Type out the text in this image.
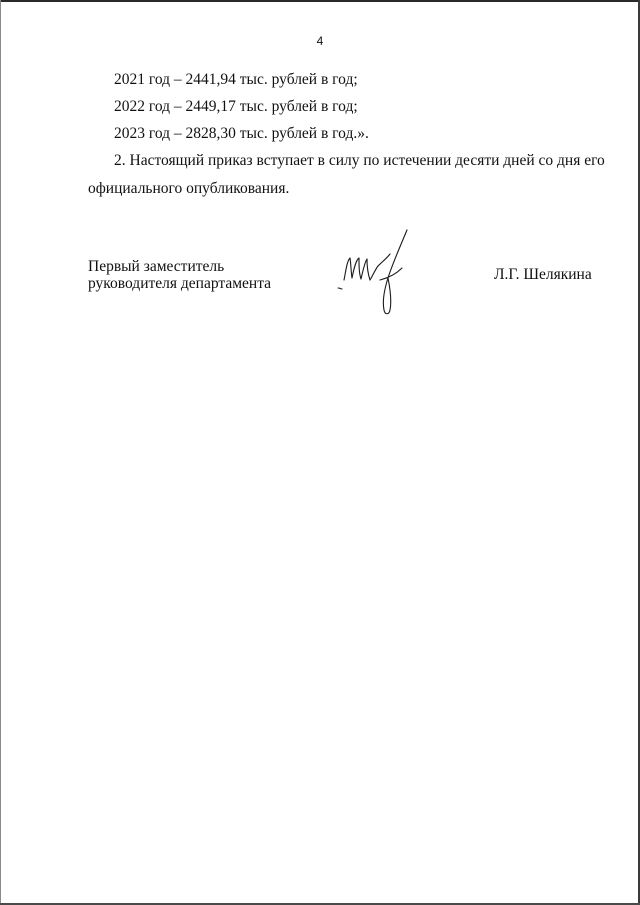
4
2021 год – 2441,94 тыс. рублей в год;
2022 год – 2449,17 тыс. рублей в год;
2023 год – 2828,30 тыс. рублей в год.».
2. Настоящий приказ вступает в силу по истечении десяти дней со дня его
официального опубликования.
Первый заместитель
руководителя департамента
Л.Г. Шелякина
